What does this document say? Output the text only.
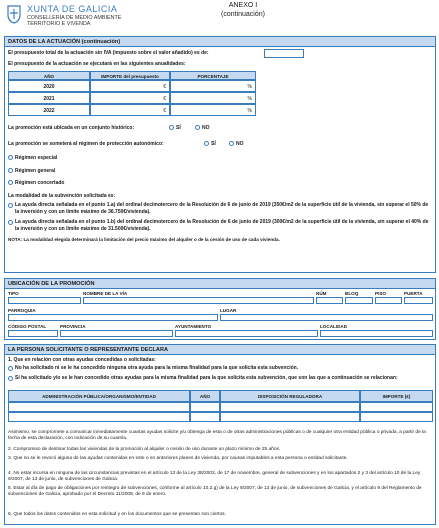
XUNTA DE GALICIA
CONSELLERÍA DE MEDIO AMBIENTE
TERRITORIO E VIVENDA
ANEXO I
(continuación)
DATOS DE LA ACTUACIÓN (continuación)
El presupuesto total de la actuación sin IVA (impuesto sobre el valor añadido) es de:
El presupuesto de la actuación se ejecutará en las siguientes anualidades:
AÑO	IMPORTE del presupuesto	PORCENTAJE
2020	€	%
2021	€	%
2022	€	%
La promoción está ubicada en un conjunto histórico:	SÍ	NO
La promoción se someterá al régimen de protección autonómico:	SÍ	NO
Régimen especial
Régimen general
Régimen concertado
La modalidad de la subvención solicitada es:
La ayuda directa señalada en el punto 1.a) del ordinal decimotercero de la Resolución de 6 de junio de 2019 (350€/m2 de la superficie útil de la vivienda, sin superar el 50% de la inversión y con un límite máximo de 36.750€/vivienda).
La ayuda directa señalada en el punto 1.b) del ordinal decimotercero de la Resolución de 6 de junio de 2019 (300€/m2 de la superficie útil de la vivienda, sin superar el 40% de la inversión y con un límite máximo de 31.500€/vivienda).
NOTA: La modalidad elegida determinará la limitación del precio máximo del alquiler o de la cesión de uso de cada vivienda.
UBICACIÓN DE LA PROMOCIÓN
TIPO	NOMBRE DE LA VÍA	NÚM	BLOQ	PISO	PUERTA
PARROQUIA	LUGAR
CÓDIGO POSTAL	PROVINCIA	AYUNTAMIENTO	LOCALIDAD
LA PERSONA SOLICITANTE O REPRESENTANTE DECLARA
1. Que en relación con otras ayudas concedidas o solicitadas:
No ha solicitado ni se le ha concedido ninguna otra ayuda para la misma finalidad para la que solicita esta subvención.
Sí ha solicitado y/o se le han concedido otras ayudas para la misma finalidad para la que solicita esta subvención, que son las que a continuación se relacionan:
ADMINISTRACIÓN PÚBLICA/ORGANISMO/ENTIDAD	AÑO	DISPOSICIÓN REGULADORA	IMPORTE (€)

Asimismo, se compromete a comunicar inmediatamente cuantas ayudas solicite y/u obtenga de esta o de otras administraciones públicas o de cualquier otra entidad pública o privada, a partir de la fecha de esta declaración, con indicación de su cuantía.

2. Compromiso de destinar todas las viviendas de la promoción al alquiler o cesión de uso durante un plazo mínimo de 25 años.

3. Que no se le revocó alguna de las ayudas contenidas en este o en anteriores planes de vivienda, por causas imputables a esta persona o entidad solicitante.

4. No estar incursa en ninguna de las circunstancias previstas en el artículo 13 de la Ley 38/2003, de 17 de noviembre, general de subvenciones y en los apartados 2 y 3 del artículo 10 de la Ley 9/2007, de 13 de junio, de subvenciones de Galicia.

5. Estar al día de pago de obligaciones por reintegro de subvenciones, conforme al artículo 10.2.g) de la Ley 9/2007, de 13 de junio, de subvenciones de Galicia, y el artículo 9 del Reglamento de subvenciones de Galicia, aprobado por el Decreto 11/2009, de 8 de enero.

6. Que todos los datos contenidos en esta solicitud y en los documentos que se presentan son ciertos.
